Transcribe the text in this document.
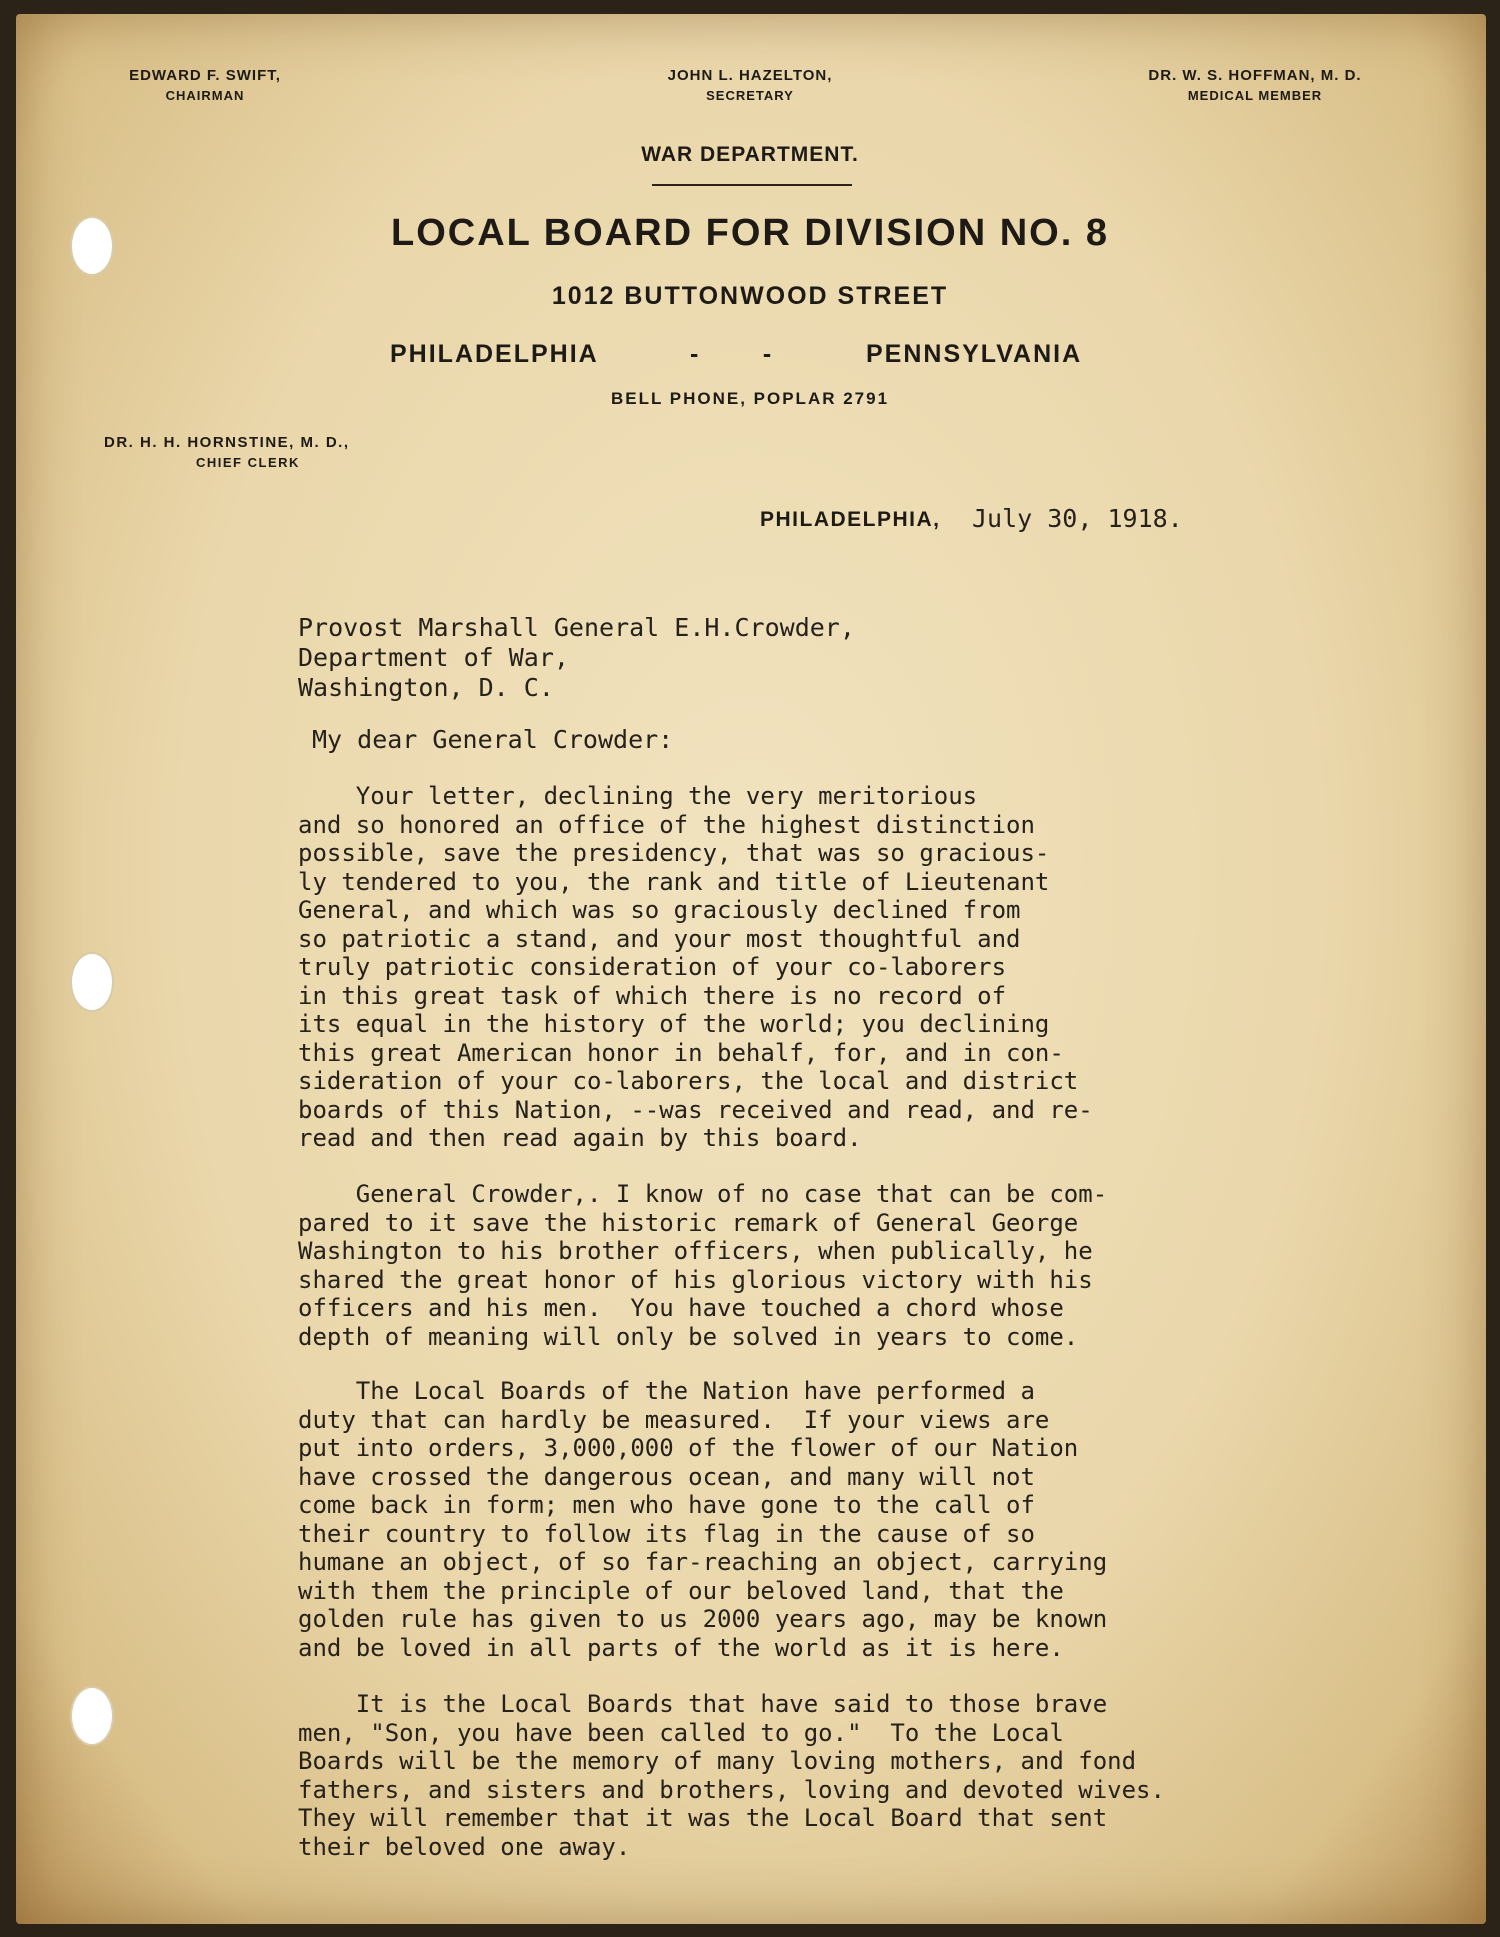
EDWARD F. SWIFT,
CHAIRMAN
JOHN L. HAZELTON,
SECRETARY
DR. W. S. HOFFMAN, M. D.
MEDICAL MEMBER
WAR DEPARTMENT.
LOCAL BOARD FOR DIVISION NO. 8
1012 BUTTONWOOD STREET
PHILADELPHIA	-        -	PENNSYLVANIA
BELL PHONE, POPLAR 2791
DR. H. H. HORNSTINE, M. D.,
CHIEF CLERK
PHILADELPHIA, July 30, 1918.
Provost Marshall General E.H.Crowder,
Department of War,
Washington, D. C.
My dear General Crowder:
Your letter, declining the very meritorious
and so honored an office of the highest distinction
possible, save the presidency, that was so gracious-
ly tendered to you, the rank and title of Lieutenant
General, and which was so graciously declined from
so patriotic a stand, and your most thoughtful and
truly patriotic consideration of your co-laborers
in this great task of which there is no record of
its equal in the history of the world; you declining
this great American honor in behalf, for, and in con-
sideration of your co-laborers, the local and district
boards of this Nation, --was received and read, and re-
read and then read again by this board.
General Crowder,. I know of no case that can be com-
pared to it save the historic remark of General George
Washington to his brother officers, when publically, he
shared the great honor of his glorious victory with his
officers and his men.  You have touched a chord whose
depth of meaning will only be solved in years to come.
The Local Boards of the Nation have performed a
duty that can hardly be measured.  If your views are
put into orders, 3,000,000 of the flower of our Nation
have crossed the dangerous ocean, and many will not
come back in form; men who have gone to the call of
their country to follow its flag in the cause of so
humane an object, of so far-reaching an object, carrying
with them the principle of our beloved land, that the
golden rule has given to us 2000 years ago, may be known
and be loved in all parts of the world as it is here.
It is the Local Boards that have said to those brave
men, "Son, you have been called to go."  To the Local
Boards will be the memory of many loving mothers, and fond
fathers, and sisters and brothers, loving and devoted wives.
They will remember that it was the Local Board that sent
their beloved one away.
